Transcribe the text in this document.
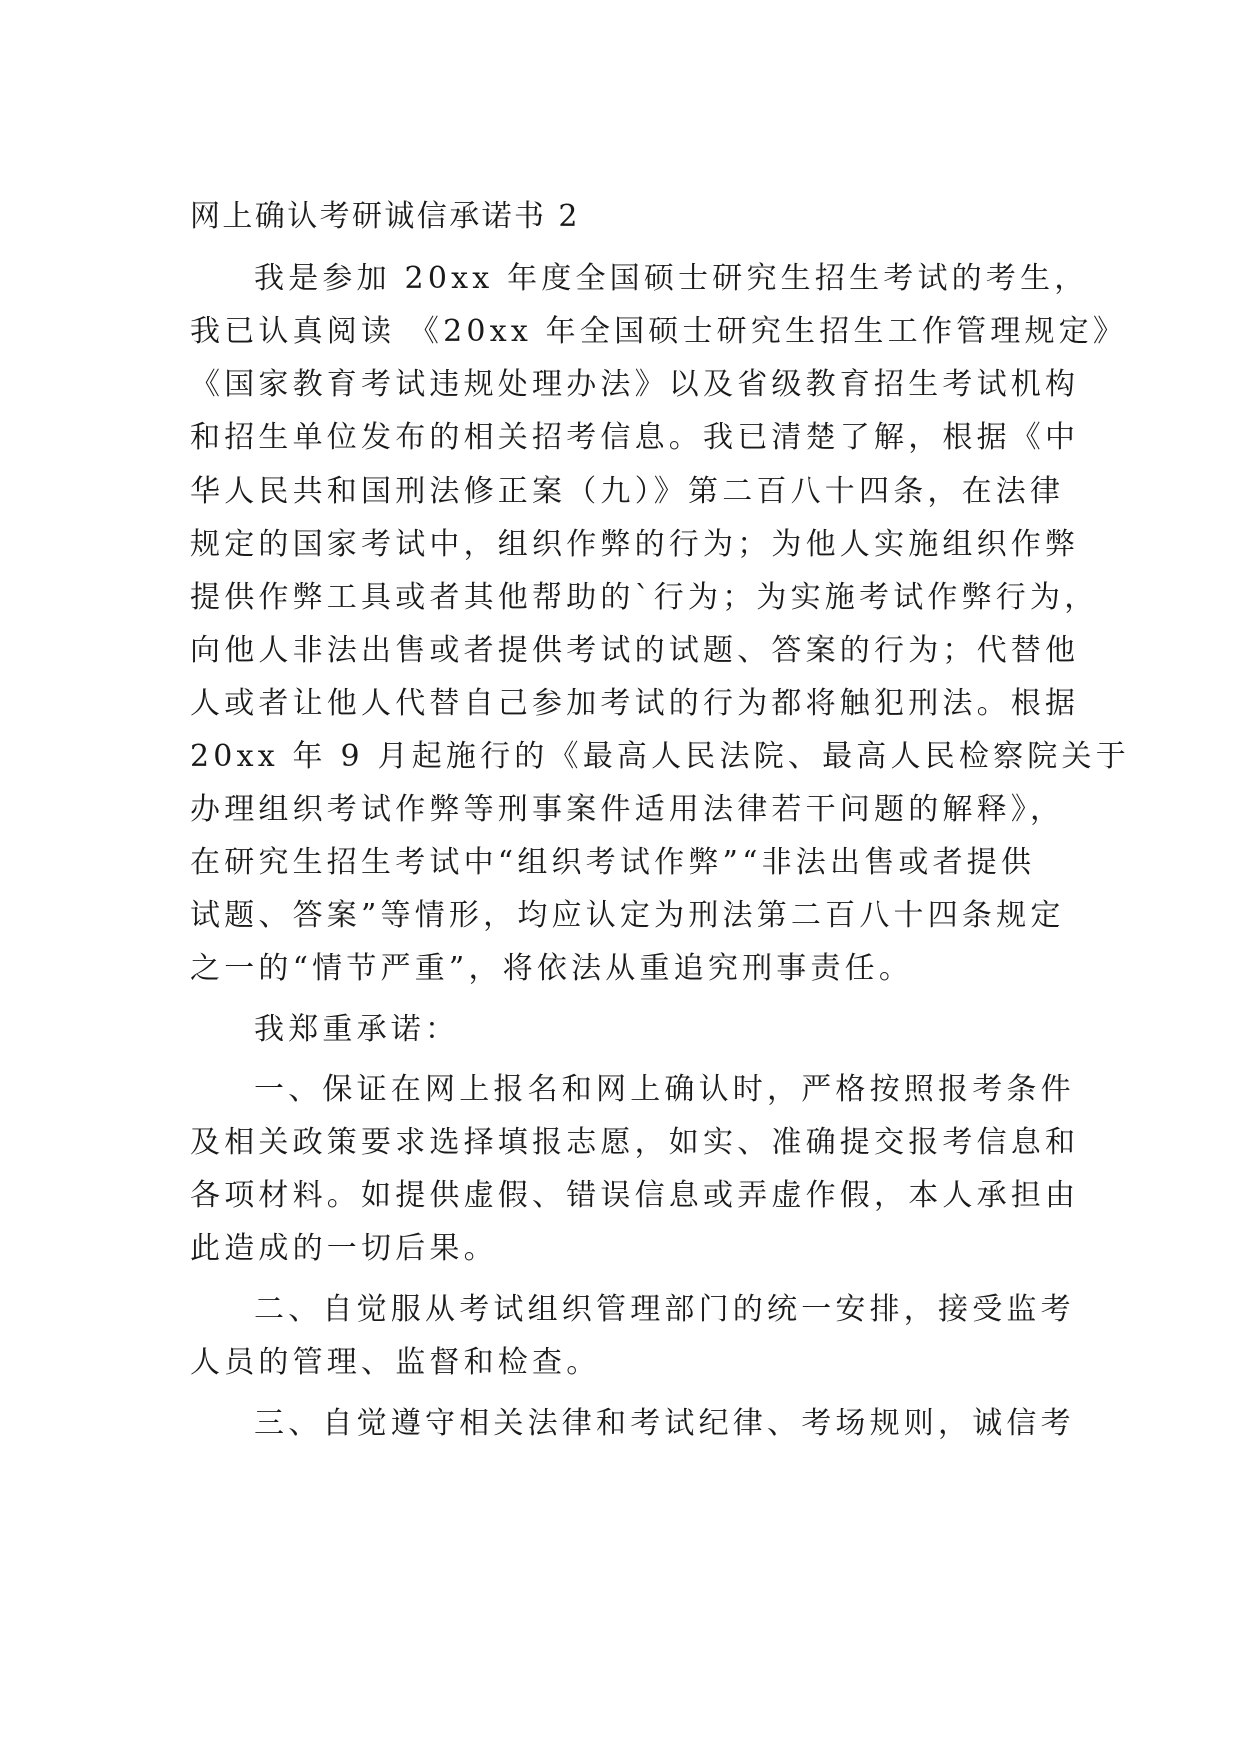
网上确认考研诚信承诺书 2
我是参加 20xx 年度全国硕士研究生招生考试的考生，
我已认真阅读 《20xx 年全国硕士研究生招生工作管理规定》
《国家教育考试违规处理办法》以及省级教育招生考试机构
和招生单位发布的相关招考信息。我已清楚了解，根据《中
华人民共和国刑法修正案（九）》第二百八十四条，在法律
规定的国家考试中，组织作弊的行为；为他人实施组织作弊
提供作弊工具或者其他帮助的`行为；为实施考试作弊行为，
向他人非法出售或者提供考试的试题、答案的行为；代替他
人或者让他人代替自己参加考试的行为都将触犯刑法。根据
20xx 年 9 月起施行的《最高人民法院、最高人民检察院关于
办理组织考试作弊等刑事案件适用法律若干问题的解释》，
在研究生招生考试中“组织考试作弊”“非法出售或者提供
试题、答案”等情形，均应认定为刑法第二百八十四条规定
之一的“情节严重”，将依法从重追究刑事责任。
我郑重承诺：
一、保证在网上报名和网上确认时，严格按照报考条件
及相关政策要求选择填报志愿，如实、准确提交报考信息和
各项材料。如提供虚假、错误信息或弄虚作假，本人承担由
此造成的一切后果。
二、自觉服从考试组织管理部门的统一安排，接受监考
人员的管理、监督和检查。
三、自觉遵守相关法律和考试纪律、考场规则，诚信考
